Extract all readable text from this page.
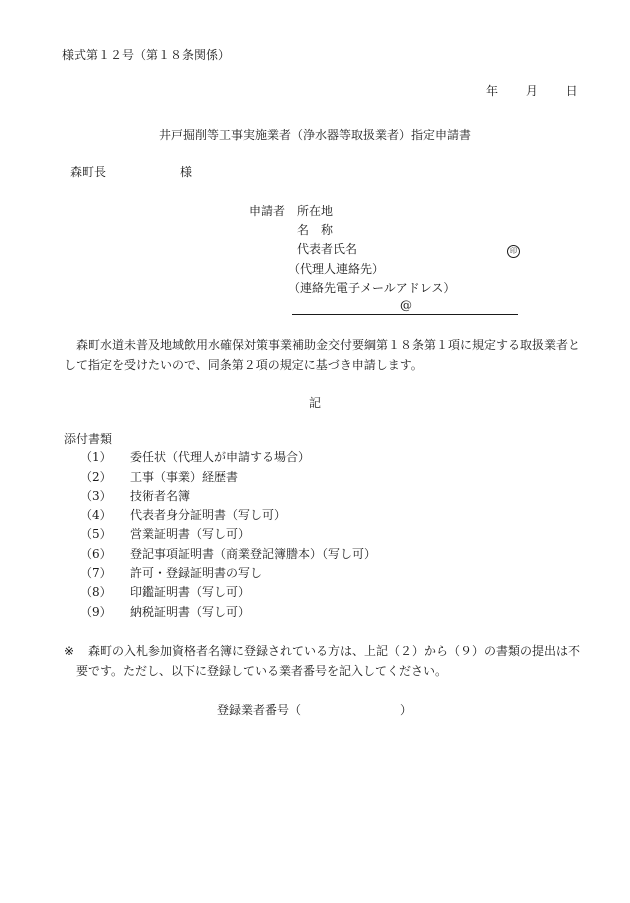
様式第１２号（第１８条関係）
年 月 日
井戸掘削等工事実施業者（浄水器等取扱業者）指定申請書
森町長	様
申請者 所在地
名　称
代表者氏名	印
（代理人連絡先）
（連絡先電子メールアドレス）
@
森町水道未普及地域飲用水確保対策事業補助金交付要綱第１８条第１項に規定する取扱業者と
して指定を受けたいので、同条第２項の規定に基づき申請します。
記
添付書類
（1） 委任状（代理人が申請する場合）
（2） 工事（事業）経歴書
（3） 技術者名簿
（4） 代表者身分証明書（写し可）
（5） 営業証明書（写し可）
（6） 登記事項証明書（商業登記簿謄本）（写し可）
（7） 許可・登録証明書の写し
（8） 印鑑証明書（写し可）
（9） 納税証明書（写し可）
※ 森町の入札参加資格者名簿に登録されている方は、上記（２）から（９）の書類の提出は不
要です。ただし、以下に登録している業者番号を記入してください。
登録業者番号（	）
